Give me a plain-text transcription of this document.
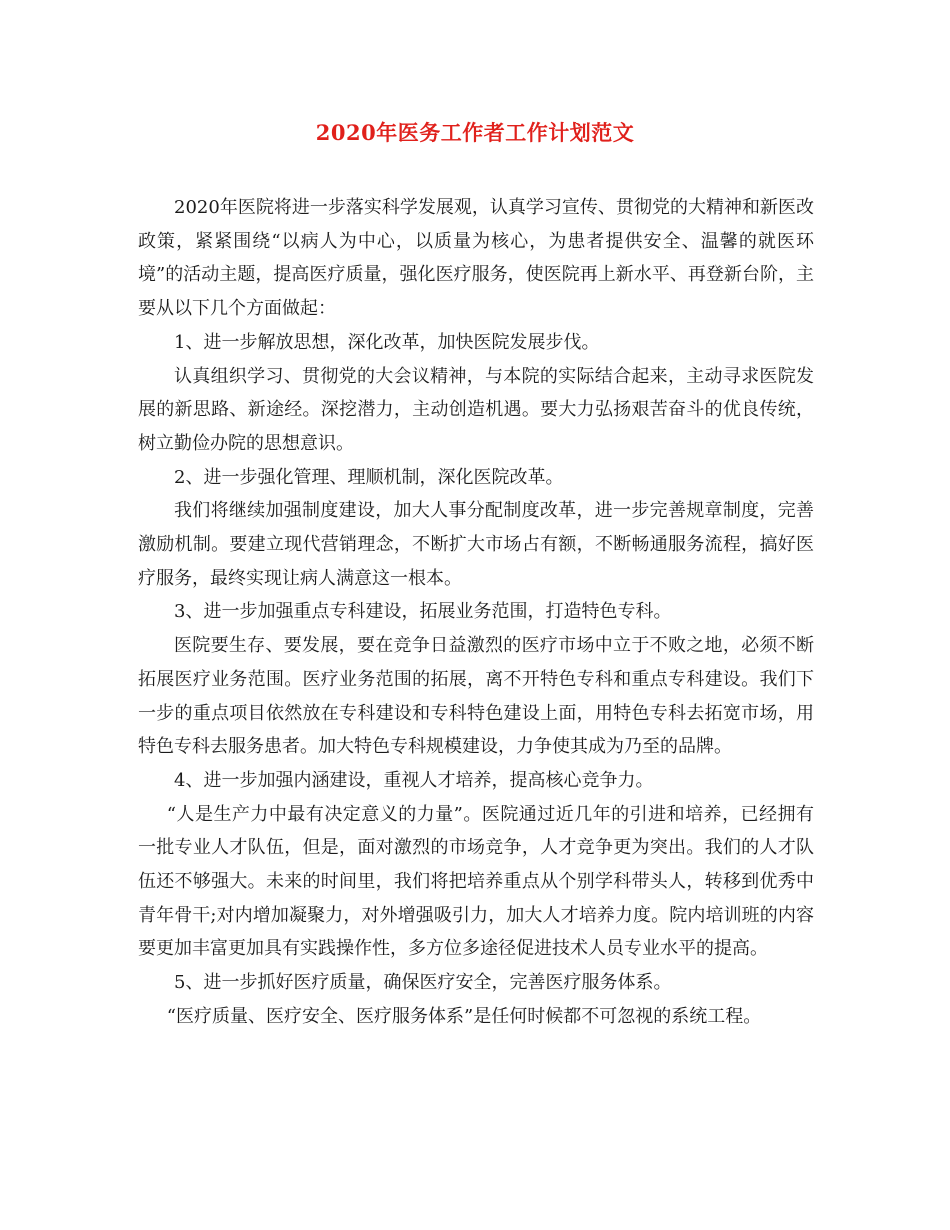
2020年医务工作者工作计划范文

2020年医院将进一步落实科学发展观，认真学习宣传、贯彻党的大精神和新医改政策，紧紧围绕“以病人为中心，以质量为核心，为患者提供安全、温馨的就医环境”的活动主题，提高医疗质量，强化医疗服务，使医院再上新水平、再登新台阶，主要从以下几个方面做起：

1、进一步解放思想，深化改革，加快医院发展步伐。

认真组织学习、贯彻党的大会议精神，与本院的实际结合起来，主动寻求医院发展的新思路、新途经。深挖潜力，主动创造机遇。要大力弘扬艰苦奋斗的优良传统，树立勤俭办院的思想意识。

2、进一步强化管理、理顺机制，深化医院改革。

我们将继续加强制度建设，加大人事分配制度改革，进一步完善规章制度，完善激励机制。要建立现代营销理念，不断扩大市场占有额，不断畅通服务流程，搞好医疗服务，最终实现让病人满意这一根本。

3、进一步加强重点专科建设，拓展业务范围，打造特色专科。

医院要生存、要发展，要在竞争日益激烈的医疗市场中立于不败之地，必须不断拓展医疗业务范围。医疗业务范围的拓展，离不开特色专科和重点专科建设。我们下一步的重点项目依然放在专科建设和专科特色建设上面，用特色专科去拓宽市场，用特色专科去服务患者。加大特色专科规模建设，力争使其成为乃至的品牌。

4、进一步加强内涵建设，重视人才培养，提高核心竞争力。

“人是生产力中最有决定意义的力量”。医院通过近几年的引进和培养，已经拥有一批专业人才队伍，但是，面对激烈的市场竞争，人才竞争更为突出。我们的人才队伍还不够强大。未来的时间里，我们将把培养重点从个别学科带头人，转移到优秀中青年骨干;对内增加凝聚力，对外增强吸引力，加大人才培养力度。院内培训班的内容要更加丰富更加具有实践操作性，多方位多途径促进技术人员专业水平的提高。

5、进一步抓好医疗质量，确保医疗安全，完善医疗服务体系。

“医疗质量、医疗安全、医疗服务体系”是任何时候都不可忽视的系统工程。
